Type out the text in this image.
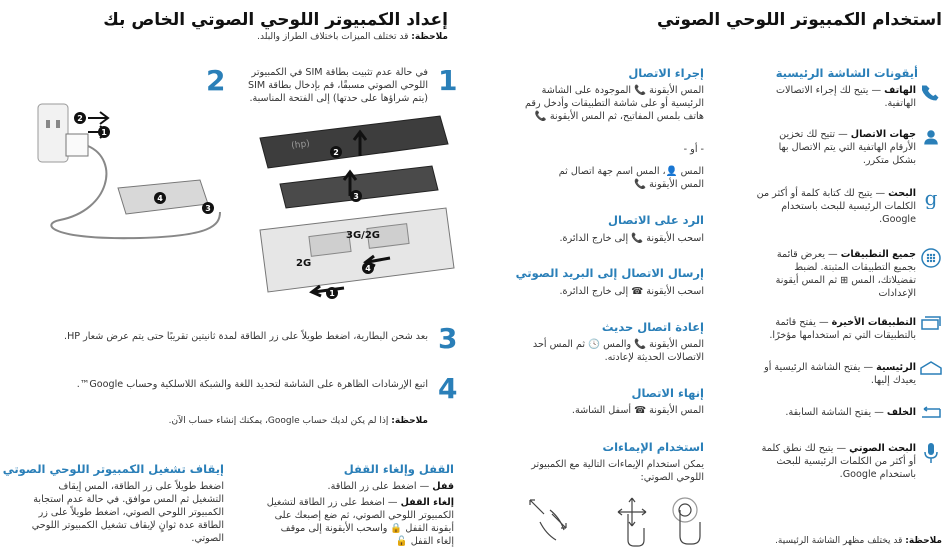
استخدام الكمبيوتر اللوحي الصوتي
أيقونات الشاشة الرئيسية
الهاتف — يتيح لك إجراء الاتصالات الهاتفية.
جهات الاتصال — تتيح لك تخزين الأرقام الهاتفية التي يتم الاتصال بها بشكل متكرر.
g
البحث — يتيح لك كتابة كلمة أو أكثر من الكلمات الرئيسية للبحث باستخدام Google.
جميع التطبيقات — يعرض قائمة بجميع التطبيقات المثبتة. لضبط تفضيلاتك، المس ⊞ ثم المس أيقونة الإعدادات
التطبيقات الأخيرة — يفتح قائمة بالتطبيقات التي تم استخدامها مؤخرًا.
الرئيسية — يفتح الشاشة الرئيسية أو يعيدك إليها.
الخلف — يفتح الشاشة السابقة.
البحث الصوتي — يتيح لك نطق كلمة أو أكثر من الكلمات الرئيسية للبحث باستخدام Google.
ملاحظة: قد يختلف مظهر الشاشة الرئيسية.
إجراء الاتصال
المس الأيقونة 📞 الموجودة على الشاشة الرئيسية أو على شاشة التطبيقات وأدخل رقم هاتف بلمس المفاتيح، ثم المس الأيقونة 📞
- أو -
المس 👤، المس اسم جهة اتصال ثم المس الأيقونة 📞
الرد على الاتصال
اسحب الأيقونة 📞 إلى خارج الدائرة.
إرسال الاتصال إلى البريد الصوتي
اسحب الأيقونة ☎ إلى خارج الدائرة.
إعادة اتصال حديث
المس الأيقونة 📞 والمس 🕓 ثم المس أحد الاتصالات الحديثة لإعادته.
إنهاء الاتصال
المس الأيقونة ☎ أسفل الشاشة.
استخدام الإيماءات
يمكن استخدام الإيماءات التالية مع الكمبيوتر اللوحي الصوتي:
إعداد الكمبيوتر اللوحي الصوتي الخاص بك
ملاحظة: قد تختلف الميزات باختلاف الطراز والبلد.
1
في حالة عدم تثبيت بطاقة SIM في الكمبيوتر اللوحي الصوتي مسبقًا، قم بإدخال بطاقة SIM (يتم شراؤها على حدتها) إلى الفتحة المناسبة.
2
(hp)
2
3
4
1
3G/2G
2G
2
1
4
3
3
بعد شحن البطارية، اضغط طويلاً على زر الطاقة لمدة ثانيتين تقريبًا حتى يتم عرض شعار HP.
4
اتبع الإرشادات الظاهرة على الشاشة لتحديد اللغة والشبكة اللاسلكية وحساب Google™.
ملاحظة: إذا لم يكن لديك حساب Google، يمكنك إنشاء حساب الآن.
القفل وإلغاء القفل
قفل — اضغط على زر الطاقة.
إلغاء القفل — اضغط على زر الطاقة لتشغيل الكمبيوتر اللوحي الصوتي، ثم ضع إصبعك على أيقونة القفل 🔒 واسحب الأيقونة إلى موقف إلغاء القفل 🔓
إيقاف تشغيل الكمبيوتر اللوحي الصوتي
اضغط طويلاً على زر الطاقة، المس إيقاف التشغيل ثم المس موافق. في حالة عدم استجابة الكمبيوتر اللوحي الصوتي، اضغط طويلاً على زر الطاقة عدة ثوانٍ لإيقاف تشغيل الكمبيوتر اللوحي الصوتي.
